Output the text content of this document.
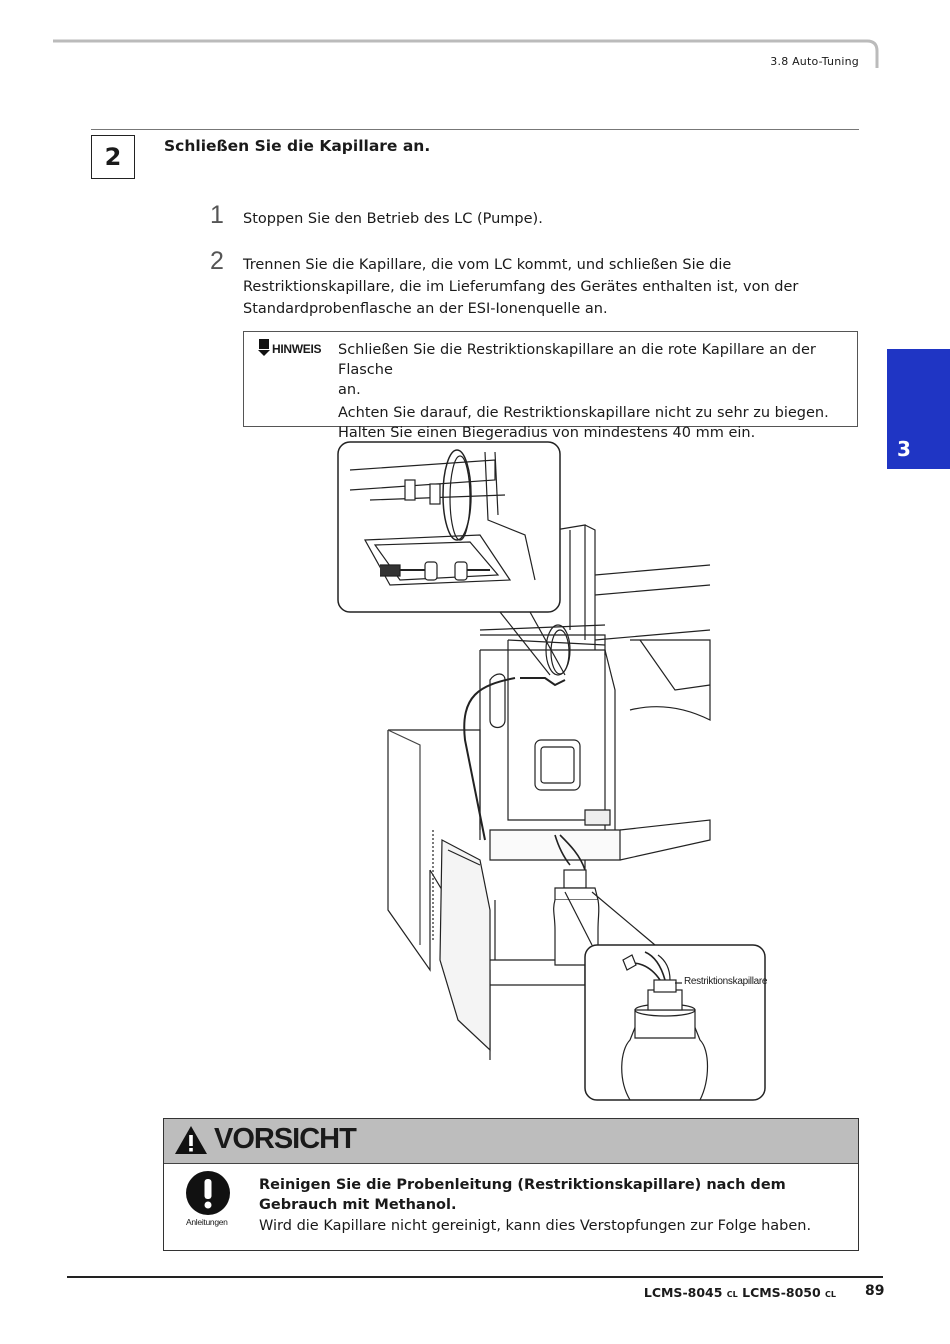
3.8 Auto-Tuning
2	Schließen Sie die Kapillare an.
1 Stoppen Sie den Betrieb des LC (Pumpe).
2 Trennen Sie die Kapillare, die vom LC kommt, und schließen Sie die
Restriktionskapillare, die im Lieferumfang des Gerätes enthalten ist, von der
Standardprobenflasche an der ESI-Ionenquelle an.
HINWEIS Schließen Sie die Restriktionskapillare an die rote Kapillare an der Flasche
an.

Achten Sie darauf, die Restriktionskapillare nicht zu sehr zu biegen.
Halten Sie einen Biegeradius von mindestens 40 mm ein.

Restriktionskapillare
VORSICHT
Anleitungen
Reinigen Sie die Probenleitung (Restriktionskapillare) nach dem
Gebrauch mit Methanol.
Wird die Kapillare nicht gereinigt, kann dies Verstopfungen zur Folge haben.
3
LCMS-8045 CL LCMS-8050 CL 89
